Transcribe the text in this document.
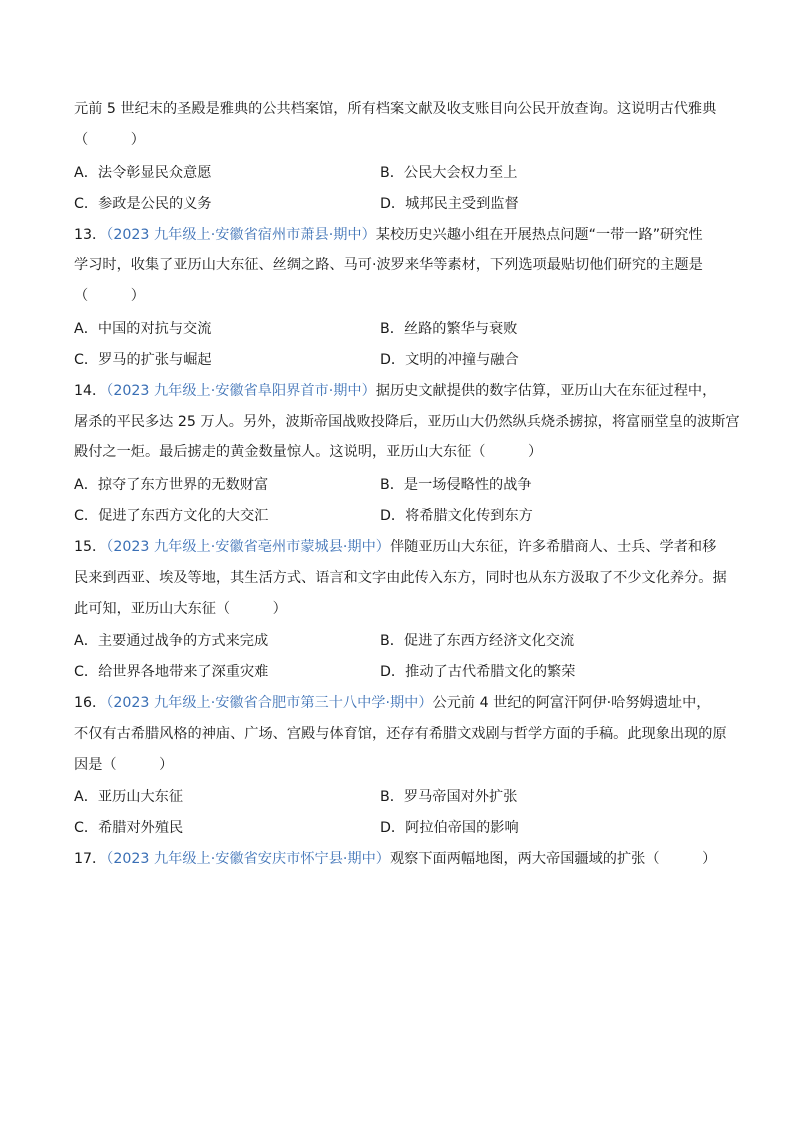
元前 5 世纪末的圣殿是雅典的公共档案馆，所有档案文献及收支账目向公民开放查询。这说明古代雅典
（　　　）
A．法令彰显民众意愿	B．公民大会权力至上
C．参政是公民的义务	D．城邦民主受到监督
13．（2023 九年级上·安徽省宿州市萧县·期中）某校历史兴趣小组在开展热点问题“一带一路”研究性
学习时，收集了亚历山大东征、丝绸之路、马可·波罗来华等素材，下列选项最贴切他们研究的主题是
（　　　）
A．中国的对抗与交流	B．丝路的繁华与衰败
C．罗马的扩张与崛起	D．文明的冲撞与融合
14．（2023 九年级上·安徽省阜阳界首市·期中）据历史文献提供的数字估算，亚历山大在东征过程中，
屠杀的平民多达 25 万人。另外，波斯帝国战败投降后，亚历山大仍然纵兵烧杀掳掠，将富丽堂皇的波斯宫
殿付之一炬。最后掳走的黄金数量惊人。这说明，亚历山大东征（　　　）
A．掠夺了东方世界的无数财富	B．是一场侵略性的战争
C．促进了东西方文化的大交汇	D．将希腊文化传到东方
15．（2023 九年级上·安徽省亳州市蒙城县·期中）伴随亚历山大东征，许多希腊商人、士兵、学者和移
民来到西亚、埃及等地，其生活方式、语言和文字由此传入东方，同时也从东方汲取了不少文化养分。据
此可知，亚历山大东征（　　　）
A．主要通过战争的方式来完成	B．促进了东西方经济文化交流
C．给世界各地带来了深重灾难	D．推动了古代希腊文化的繁荣
16．（2023 九年级上·安徽省合肥市第三十八中学·期中）公元前 4 世纪的阿富汗阿伊·哈努姆遗址中，
不仅有古希腊风格的神庙、广场、宫殿与体育馆，还存有希腊文戏剧与哲学方面的手稿。此现象出现的原
因是（　　　）
A．亚历山大东征	B．罗马帝国对外扩张
C．希腊对外殖民	D．阿拉伯帝国的影响
17．（2023 九年级上·安徽省安庆市怀宁县·期中）观察下面两幅地图，两大帝国疆域的扩张（　　　）
